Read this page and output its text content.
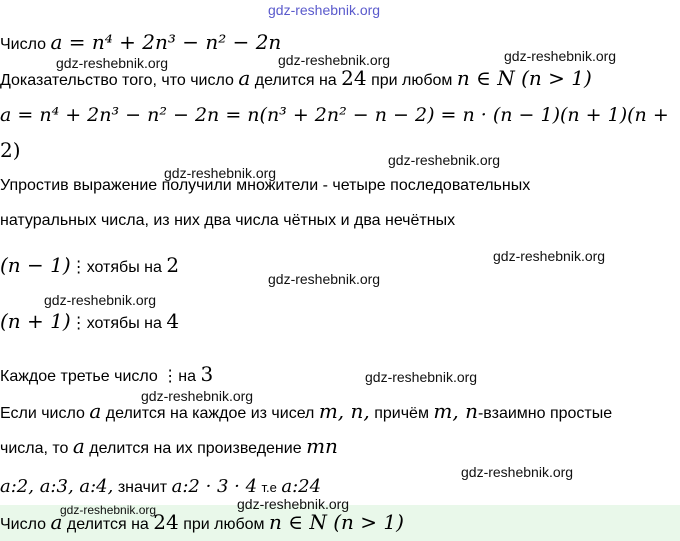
gdz-reshebnik.org
gdz-reshebnik.org	gdz-reshebnik.org	gdz-reshebnik.org
gdz-reshebnik.org
gdz-reshebnik.org
gdz-reshebnik.org
gdz-reshebnik.org
gdz-reshebnik.org
gdz-reshebnik.org
gdz-reshebnik.org
gdz-reshebnik.org
gdz-reshebnik.org
gdz-reshebnik.org
Число a = n⁴ + 2n³ − n² − 2n
Доказательство того, что число a делится на 24 при любом n ∈ N (n > 1)
a = n⁴ + 2n³ − n² − 2n = n(n³ + 2n² − n − 2) = n · (n − 1)(n + 1)(n +
2)
Упростив выражение получили множители - четыре последовательных
натуральных числа, из них два числа чётных и два нечётных
(n − 1)⋮хотябы на 2
(n + 1)⋮хотябы на 4
Каждое третье число ⋮на 3
Если число a делится на каждое из чисел m, n, причём m, n-взаимно простые
числа, то a делится на их произведение mn
a:2, a:3, a:4, значит a:2 · 3 · 4 т.е a:24
Число a делится на 24 при любом n ∈ N (n > 1)
